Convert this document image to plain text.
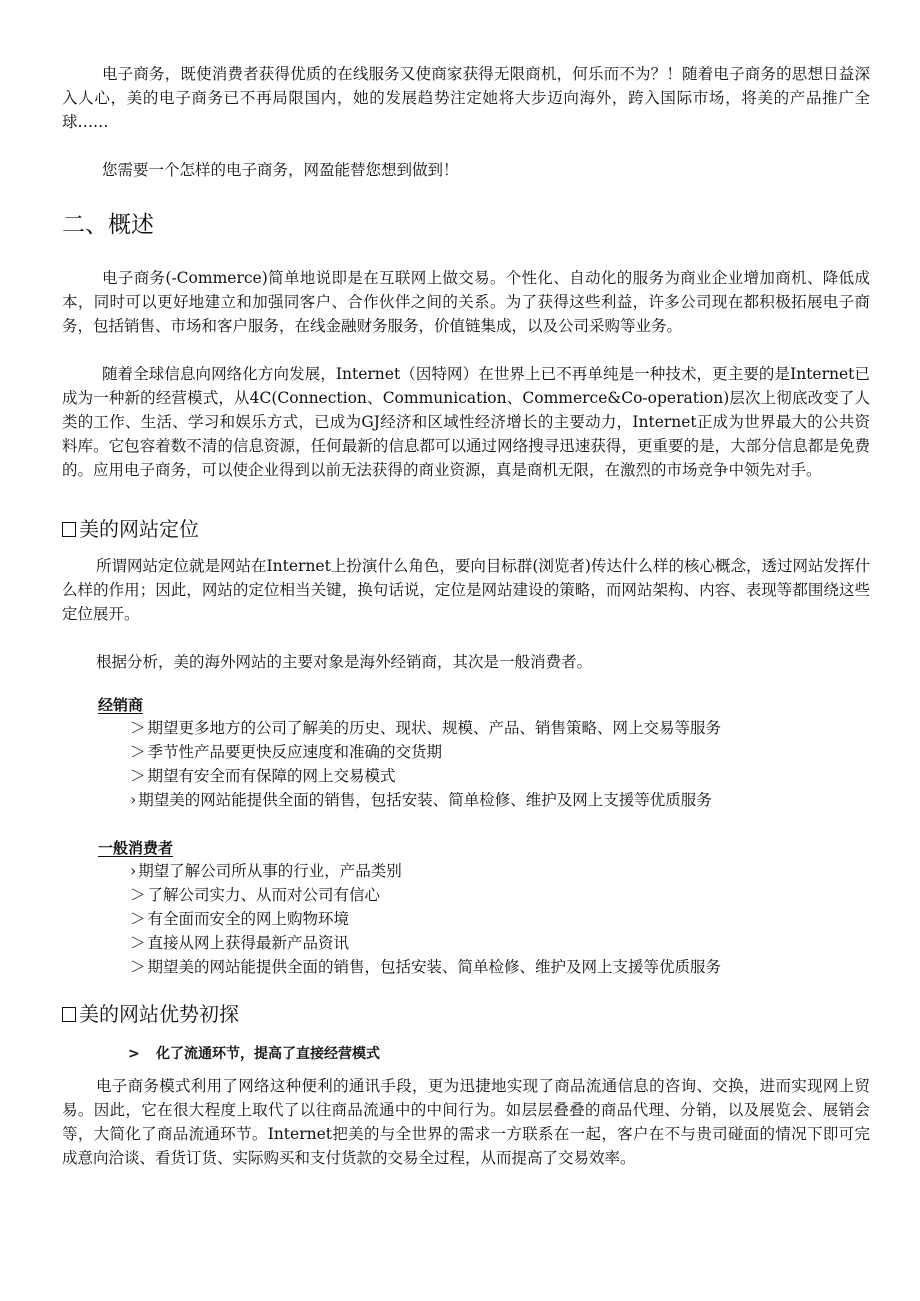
电子商务，既使消费者获得优质的在线服务又使商家获得无限商机，何乐而不为？！随着电子商务的思想日益深入人心，美的电子商务已不再局限国内，她的发展趋势注定她将大步迈向海外，跨入国际市场，将美的产品推广全球……

您需要一个怎样的电子商务，网盈能替您想到做到！

二、概述

电子商务(-Commerce)简单地说即是在互联网上做交易。个性化、自动化的服务为商业企业增加商机、降低成本，同时可以更好地建立和加强同客户、合作伙伴之间的关系。为了获得这些利益，许多公司现在都积极拓展电子商务，包括销售、市场和客户服务，在线金融财务服务，价值链集成，以及公司采购等业务。

随着全球信息向网络化方向发展，Internet（因特网）在世界上已不再单纯是一种技术，更主要的是Internet已成为一种新的经营模式，从4C(Connection、Communication、Commerce&Co-operation)层次上彻底改变了人类的工作、生活、学习和娱乐方式，已成为GJ经济和区域性经济增长的主要动力，Internet正成为世界最大的公共资料库。它包容着数不清的信息资源，任何最新的信息都可以通过网络搜寻迅速获得，更重要的是，大部分信息都是免费的。应用电子商务，可以使企业得到以前无法获得的商业资源，真是商机无限，在激烈的市场竞争中领先对手。

美的网站定位

所谓网站定位就是网站在Internet上扮演什么角色，要向目标群(浏览者)传达什么样的核心概念，透过网站发挥什么样的作用；因此，网站的定位相当关键，换句话说，定位是网站建设的策略，而网站架构、内容、表现等都围绕这些定位展开。

根据分析，美的海外网站的主要对象是海外经销商，其次是一般消费者。

经销商

＞ 期望更多地方的公司了解美的历史、现状、规模、产品、销售策略、网上交易等服务
＞ 季节性产品要更快反应速度和准确的交货期
＞ 期望有安全而有保障的网上交易模式
› 期望美的网站能提供全面的销售，包括安装、简单检修、维护及网上支援等优质服务

一般消费者

› 期望了解公司所从事的行业，产品类别
＞ 了解公司实力、从而对公司有信心
＞ 有全面而安全的网上购物环境
＞ 直接从网上获得最新产品资讯
＞ 期望美的网站能提供全面的销售，包括安装、简单检修、维护及网上支援等优质服务
美的网站优势初探

> 化了流通环节，提高了直接经营模式

电子商务模式利用了网络这种便利的通讯手段，更为迅捷地实现了商品流通信息的咨询、交换，进而实现网上贸易。因此，它在很大程度上取代了以往商品流通中的中间行为。如层层叠叠的商品代理、分销，以及展览会、展销会等，大简化了商品流通环节。Internet把美的与全世界的需求一方联系在一起，客户在不与贵司碰面的情况下即可完成意向洽谈、看货订货、实际购买和支付货款的交易全过程，从而提高了交易效率。
